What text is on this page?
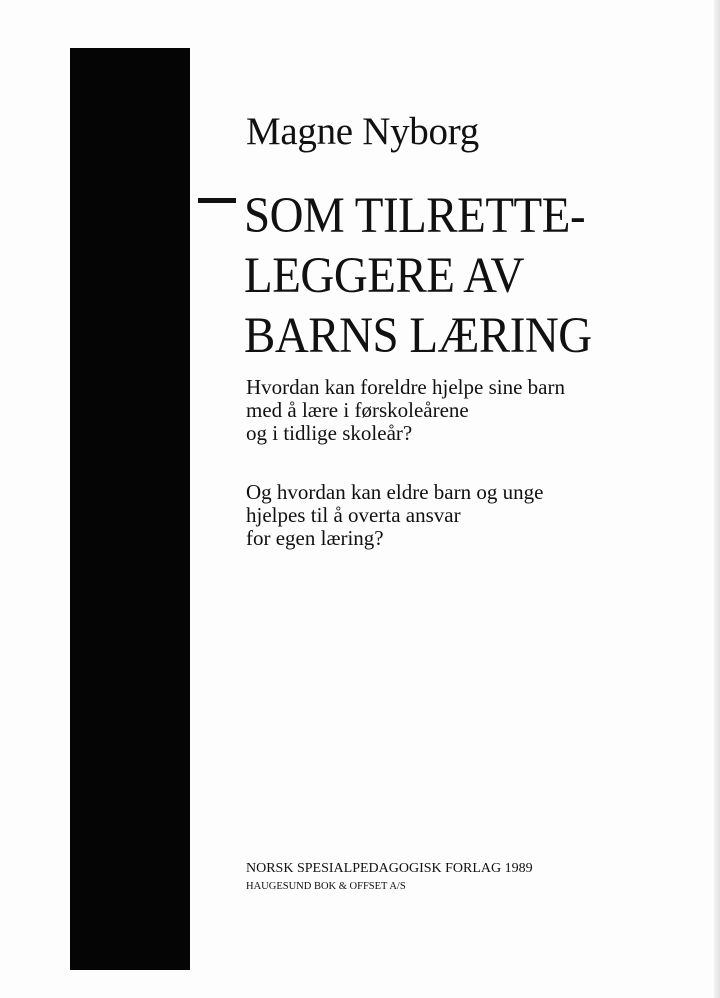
Magne Nyborg
SOM TILRETTE-
LEGGERE AV
BARNS LÆRING
Hvordan kan foreldre hjelpe sine barn
med å lære i førskoleårene
og i tidlige skoleår?
Og hvordan kan eldre barn og unge
hjelpes til å overta ansvar
for egen læring?
NORSK SPESIALPEDAGOGISK FORLAG 1989
HAUGESUND BOK & OFFSET A/S
